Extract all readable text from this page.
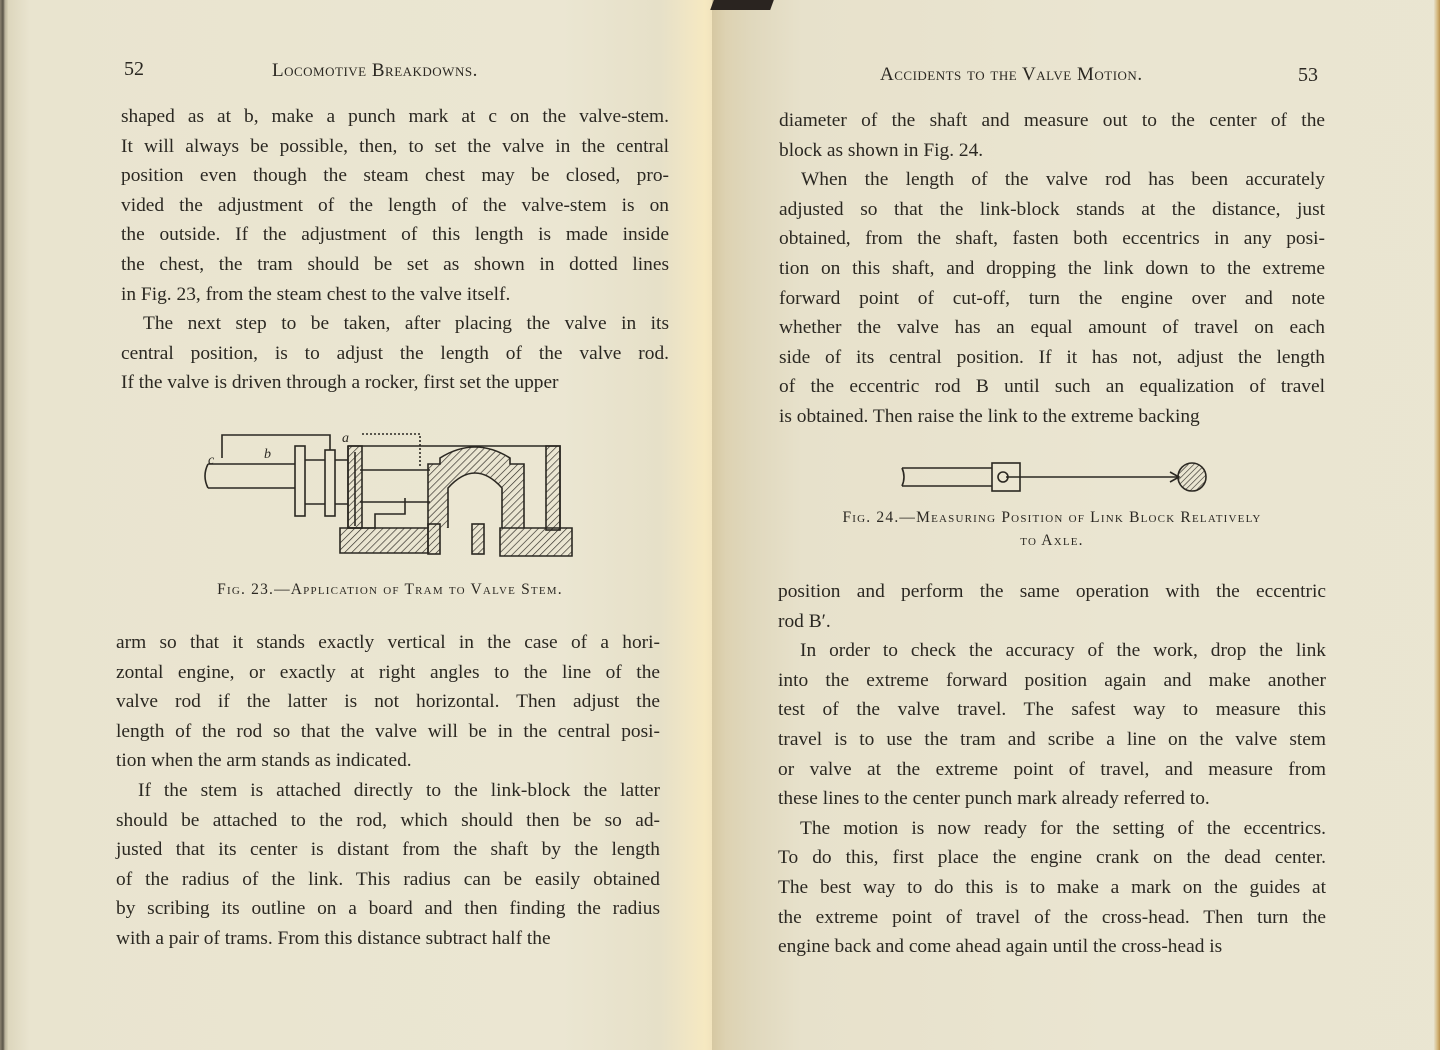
52	Locomotive Breakdowns.

shaped as at b, make a punch mark at c on the valve-stem.

It will always be possible, then, to set the valve in the central

position even though the steam chest may be closed, pro-

vided the adjustment of the length of the valve-stem is on

the outside. If the adjustment of this length is made inside

the chest, the tram should be set as shown in dotted lines

in Fig. 23, from the steam chest to the valve itself.

The next step to be taken, after placing the valve in its

central position, is to adjust the length of the valve rod.

If the valve is driven through a rocker, first set the upper

c	b
a
Fig. 23.—Application of Tram to Valve Stem.

arm so that it stands exactly vertical in the case of a hori-

zontal engine, or exactly at right angles to the line of the

valve rod if the latter is not horizontal. Then adjust the

length of the rod so that the valve will be in the central posi-

tion when the arm stands as indicated.

If the stem is attached directly to the link-block the latter

should be attached to the rod, which should then be so ad-

justed that its center is distant from the shaft by the length

of the radius of the link. This radius can be easily obtained

by scribing its outline on a board and then finding the radius

with a pair of trams. From this distance subtract half the

Accidents to the Valve Motion.	53

diameter of the shaft and measure out to the center of the

block as shown in Fig. 24.

When the length of the valve rod has been accurately

adjusted so that the link-block stands at the distance, just

obtained, from the shaft, fasten both eccentrics in any posi-

tion on this shaft, and dropping the link down to the extreme

forward point of cut-off, turn the engine over and note

whether the valve has an equal amount of travel on each

side of its central position. If it has not, adjust the length

of the eccentric rod B until such an equalization of travel

is obtained. Then raise the link to the extreme backing

Fig. 24.—Measuring Position of Link Block Relatively
to Axle.

position and perform the same operation with the eccentric

rod B′.

In order to check the accuracy of the work, drop the link

into the extreme forward position again and make another

test of the valve travel. The safest way to measure this

travel is to use the tram and scribe a line on the valve stem

or valve at the extreme point of travel, and measure from

these lines to the center punch mark already referred to.

The motion is now ready for the setting of the eccentrics.

To do this, first place the engine crank on the dead center.

The best way to do this is to make a mark on the guides at

the extreme point of travel of the cross-head. Then turn the

engine back and come ahead again until the cross-head is
